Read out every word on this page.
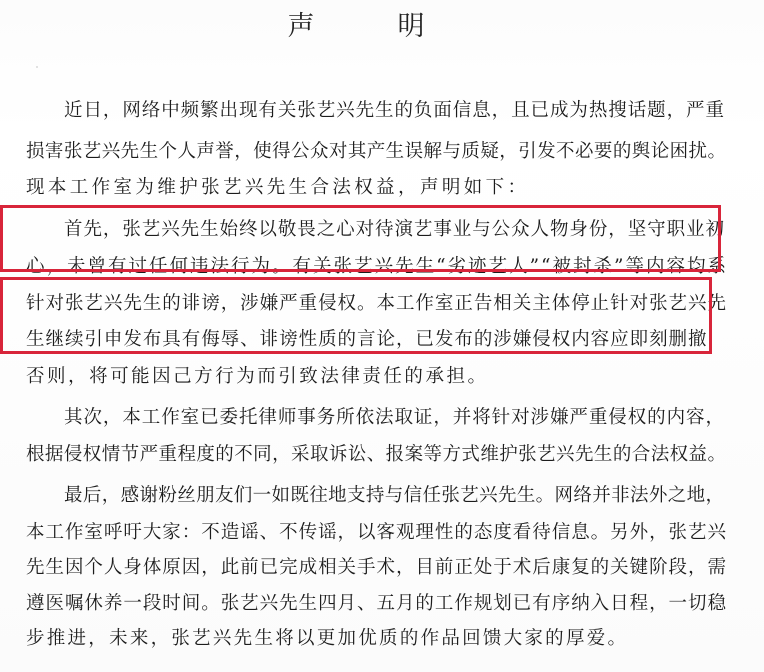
声　明
近日，网络中频繁出现有关张艺兴先生的负面信息，且已成为热搜话题，严重
损害张艺兴先生个人声誉，使得公众对其产生误解与质疑，引发不必要的舆论困扰。
现本工作室为维护张艺兴先生合法权益，声明如下：
首先，张艺兴先生始终以敬畏之心对待演艺事业与公众人物身份，坚守职业初
心，未曾有过任何违法行为。有关张艺兴先生“劣迹艺人”“被封杀”等内容均系
针对张艺兴先生的诽谤，涉嫌严重侵权。本工作室正告相关主体停止针对张艺兴先
生继续引申发布具有侮辱、诽谤性质的言论，已发布的涉嫌侵权内容应即刻删撤，
否则，将可能因己方行为而引致法律责任的承担。
其次，本工作室已委托律师事务所依法取证，并将针对涉嫌严重侵权的内容，
根据侵权情节严重程度的不同，采取诉讼、报案等方式维护张艺兴先生的合法权益。
最后，感谢粉丝朋友们一如既往地支持与信任张艺兴先生。网络并非法外之地，
本工作室呼吁大家：不造谣、不传谣，以客观理性的态度看待信息。另外，张艺兴
先生因个人身体原因，此前已完成相关手术，目前正处于术后康复的关键阶段，需
遵医嘱休养一段时间。张艺兴先生四月、五月的工作规划已有序纳入日程，一切稳
步推进，未来，张艺兴先生将以更加优质的作品回馈大家的厚爱。
